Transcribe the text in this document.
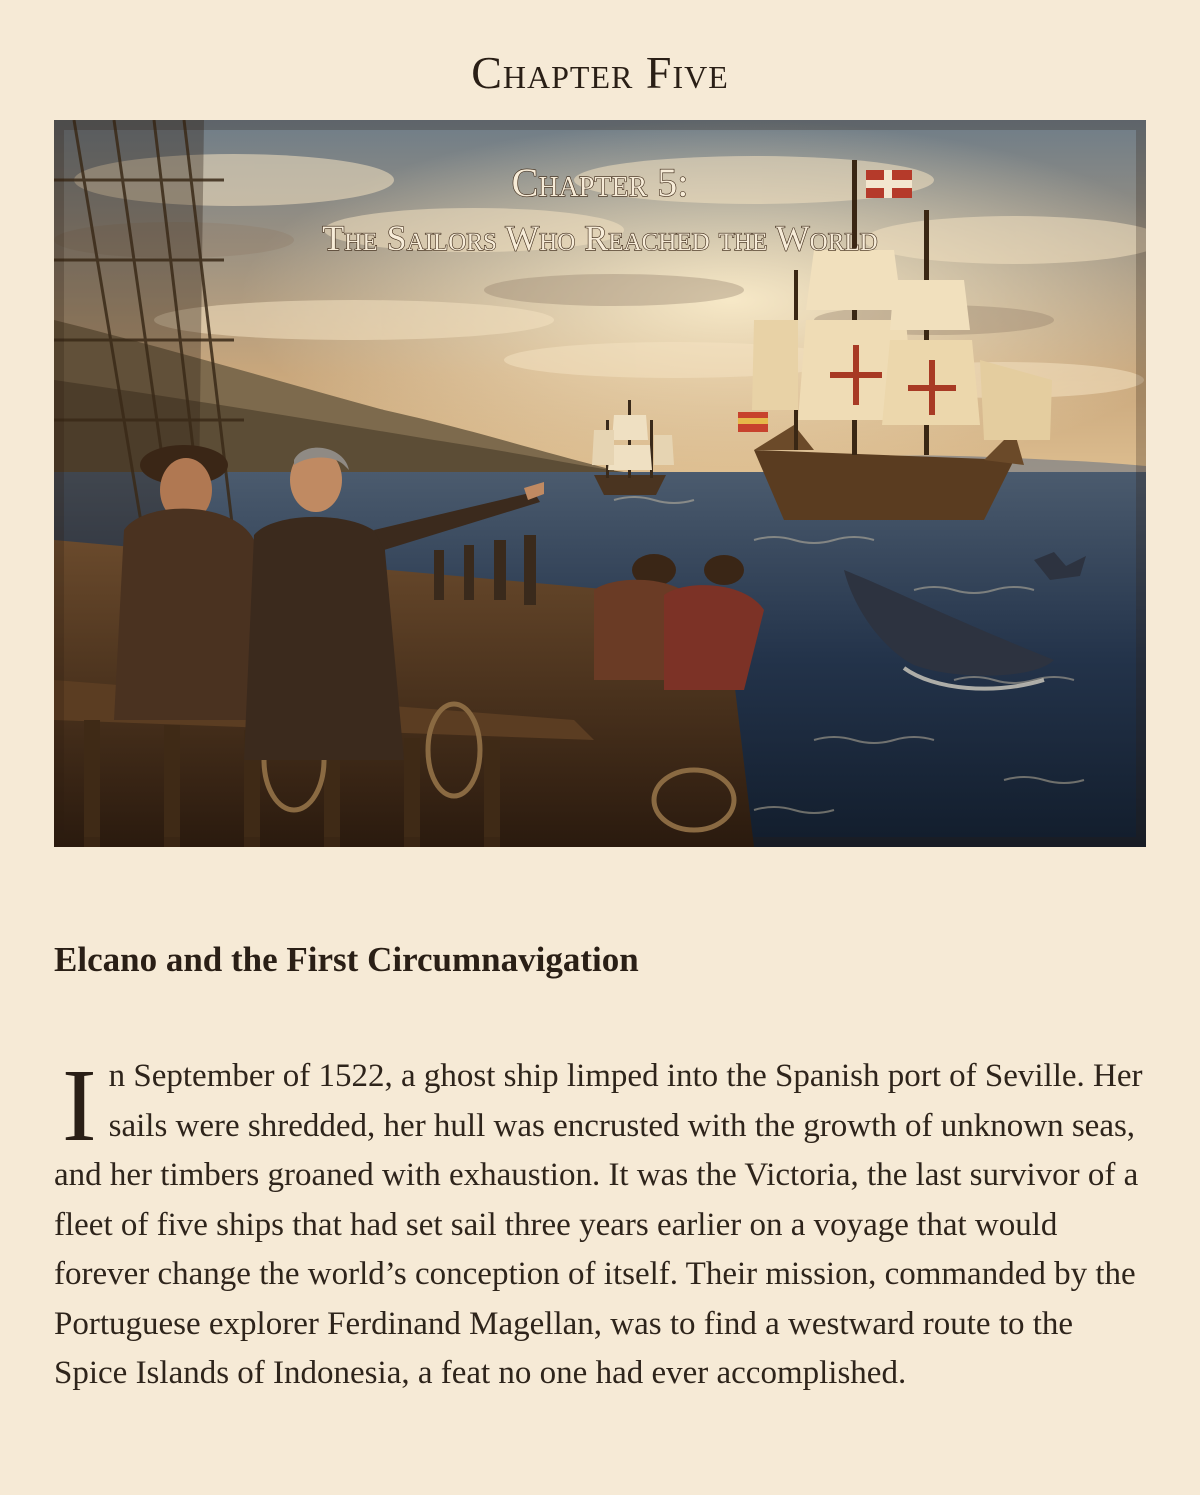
Chapter Five
Chapter 5:
The Sailors Who Reached the World
Elcano and the First Circumnavigation

In September of 1522, a ghost ship limped into the Spanish port of Seville. Her sails were shredded, her hull was encrusted with the growth of unknown seas, and her timbers groaned with exhaustion. It was the Victoria, the last survivor of a fleet of five ships that had set sail three years earlier on a voyage that would forever change the world’s conception of itself. Their mission, commanded by the Portuguese explorer Ferdinand Magellan, was to find a westward route to the Spice Islands of Indonesia, a feat no one had ever accomplished.
